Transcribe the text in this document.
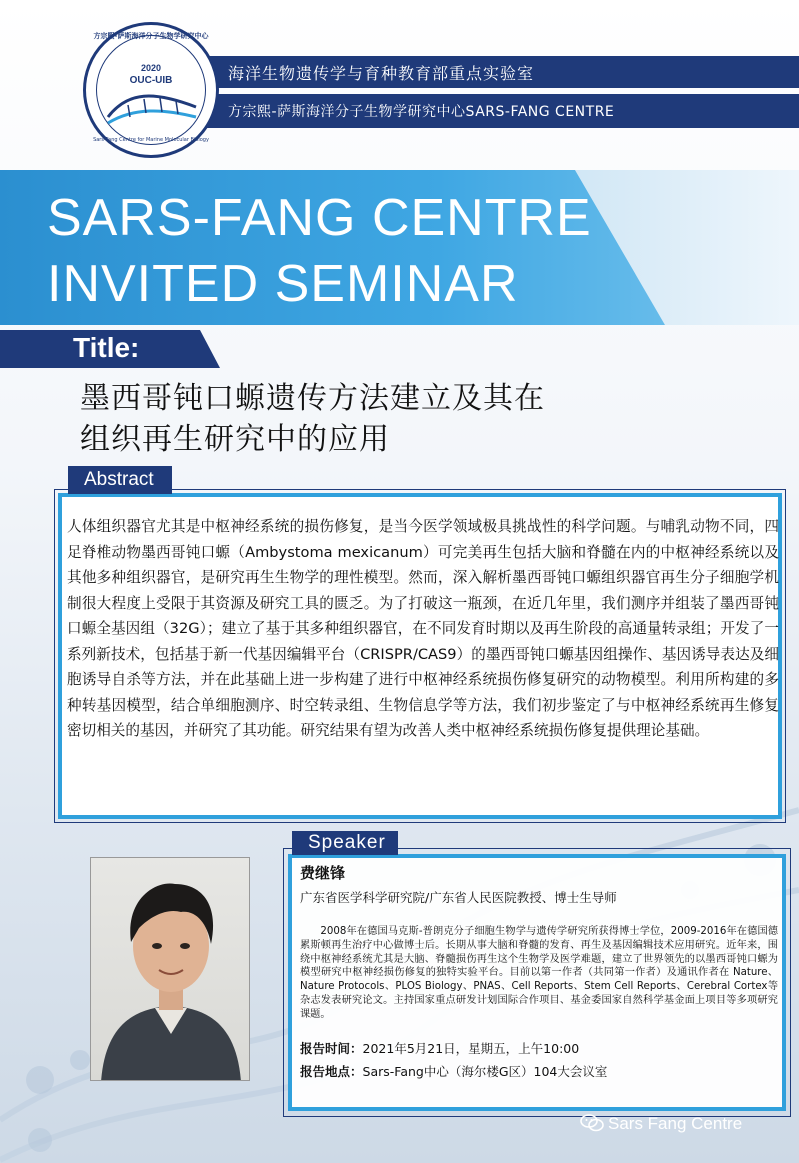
海洋生物遗传学与育种教育部重点实验室
方宗熙-萨斯海洋分子生物学研究中心SARS-FANG CENTRE
方宗熙-萨斯海洋分子生物学研究中心
2020
OUC-UIB
Sars-Fang Centre for Marine Molecular Biology
SARS-FANG CENTRE
INVITED SEMINAR
Title:
墨西哥钝口螈遗传方法建立及其在
组织再生研究中的应用
Abstract
人体组织器官尤其是中枢神经系统的损伤修复，是当今医学领域极具挑战性的科学问题。与哺乳动物不同，四足脊椎动物墨西哥钝口螈（Ambystoma mexicanum）可完美再生包括大脑和脊髓在内的中枢神经系统以及其他多种组织器官，是研究再生生物学的理性模型。然而，深入解析墨西哥钝口螈组织器官再生分子细胞学机制很大程度上受限于其资源及研究工具的匮乏。为了打破这一瓶颈，在近几年里，我们测序并组装了墨西哥钝口螈全基因组（32G）；建立了基于其多种组织器官，在不同发育时期以及再生阶段的高通量转录组；开发了一系列新技术，包括基于新一代基因编辑平台（CRISPR/CAS9）的墨西哥钝口螈基因组操作、基因诱导表达及细胞诱导自杀等方法，并在此基础上进一步构建了进行中枢神经系统损伤修复研究的动物模型。利用所构建的多种转基因模型，结合单细胞测序、时空转录组、生物信息学等方法，我们初步鉴定了与中枢神经系统再生修复密切相关的基因，并研究了其功能。研究结果有望为改善人类中枢神经系统损伤修复提供理论基础。
Speaker
费继锋
广东省医学科学研究院/广东省人民医院教授、博士生导师
2008年在德国马克斯-普朗克分子细胞生物学与遗传学研究所获得博士学位，2009-2016年在德国德累斯顿再生治疗中心做博士后。长期从事大脑和脊髓的发育、再生及基因编辑技术应用研究。近年来，围绕中枢神经系统尤其是大脑、脊髓损伤再生这个生物学及医学难题，建立了世界领先的以墨西哥钝口螈为模型研究中枢神经损伤修复的独特实验平台。目前以第一作者（共同第一作者）及通讯作者在 Nature、Nature Protocols、PLOS Biology、PNAS、Cell Reports、Stem Cell Reports、Cerebral Cortex等杂志发表研究论文。主持国家重点研发计划国际合作项目、基金委国家自然科学基金面上项目等多项研究课题。
报告时间：2021年5月21日，星期五，上午10:00
报告地点：Sars-Fang中心（海尔楼G区）104大会议室
Sars Fang Centre
